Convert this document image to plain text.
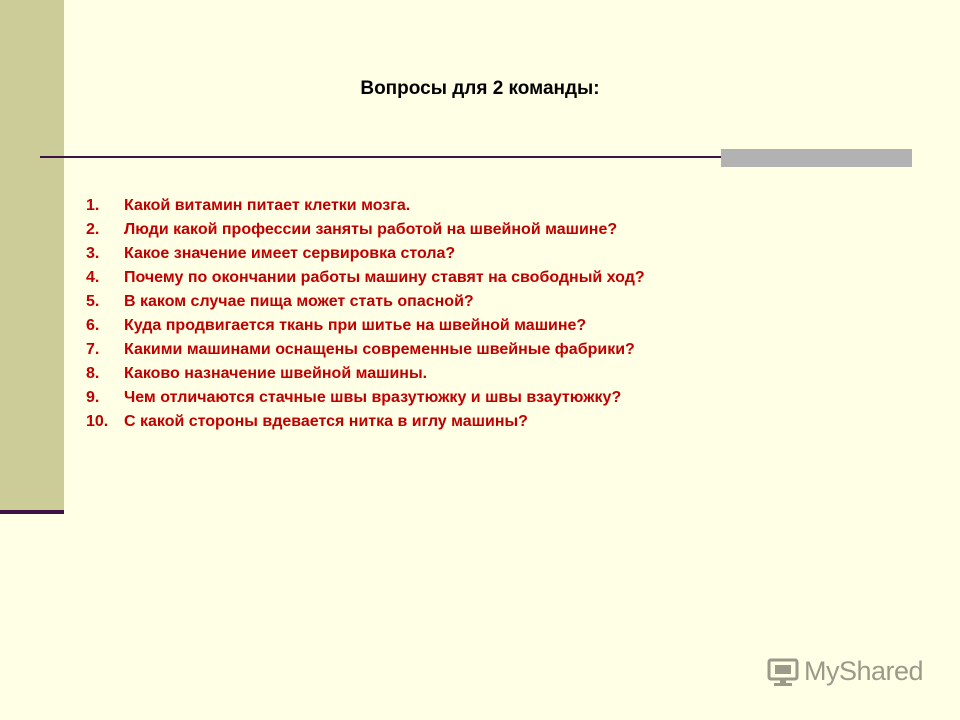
Вопросы для 2 команды:
1.	Какой витамин питает клетки мозга.
2.	Люди какой профессии заняты работой на швейной машине?
3.	Какое значение имеет сервировка стола?
4.	Почему по окончании работы машину ставят на свободный ход?
5.	В каком случае пища может стать опасной?
6.	Куда продвигается ткань при шитье на швейной машине?
7.	Какими машинами оснащены современные швейные фабрики?
8.	Каково назначение швейной машины.
9.	Чем отличаются стачные швы вразутюжку и швы взаутюжку?
10. С какой стороны вдевается нитка в иглу машины?
MyShared
